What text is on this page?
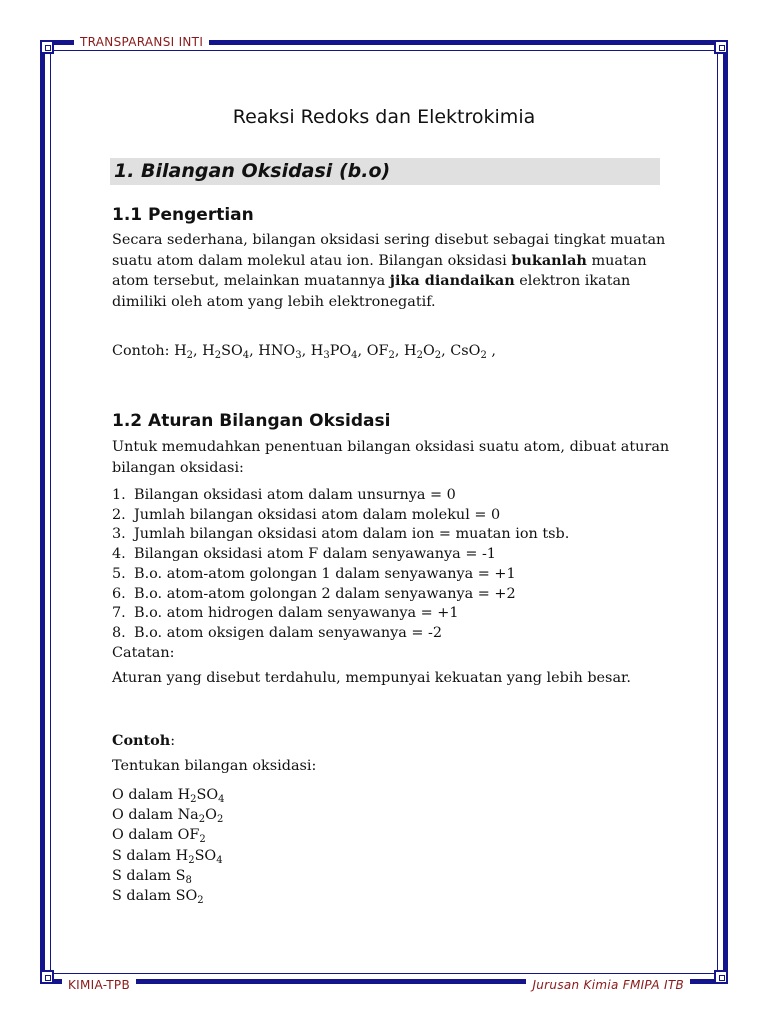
TRANSPARANSI INTI
KIMIA-TPB	Jurusan Kimia FMIPA ITB
Reaksi Redoks dan Elektrokimia
1. Bilangan Oksidasi (b.o)
1.1 Pengertian
Secara sederhana, bilangan oksidasi sering disebut sebagai tingkat muatan suatu atom dalam molekul atau ion. Bilangan oksidasi bukanlah muatan atom tersebut, melainkan muatannya jika diandaikan elektron ikatan dimiliki oleh atom yang lebih elektronegatif.
Contoh: $H_2$, $H_2SO_4$, $HNO_3$, $H_3PO_4$, $OF_2$, $H_2O_2$, CsO$_2$ ,
1.2 Aturan Bilangan Oksidasi
Untuk memudahkan penentuan bilangan oksidasi suatu atom, dibuat aturan bilangan oksidasi:
1. Bilangan oksidasi atom dalam unsurnya = 0
2. Jumlah bilangan oksidasi atom dalam molekul = 0
3. Jumlah bilangan oksidasi atom dalam ion = muatan ion tsb.
4. Bilangan oksidasi atom F dalam senyawanya = -1
5. B.o. atom-atom golongan 1 dalam senyawanya = +1
6. B.o. atom-atom golongan 2 dalam senyawanya = +2
7. B.o. atom hidrogen dalam senyawanya = +1
8. B.o. atom oksigen dalam senyawanya = -2
Catatan:
Aturan yang disebut terdahulu, mempunyai kekuatan yang lebih besar.
Contoh:
Tentukan bilangan oksidasi:
O dalam $H_2SO_4$
O dalam $Na_2O_2$
O dalam $OF_2$
S dalam $H_2SO_4$
S dalam $S_8$
S dalam $SO_2$
